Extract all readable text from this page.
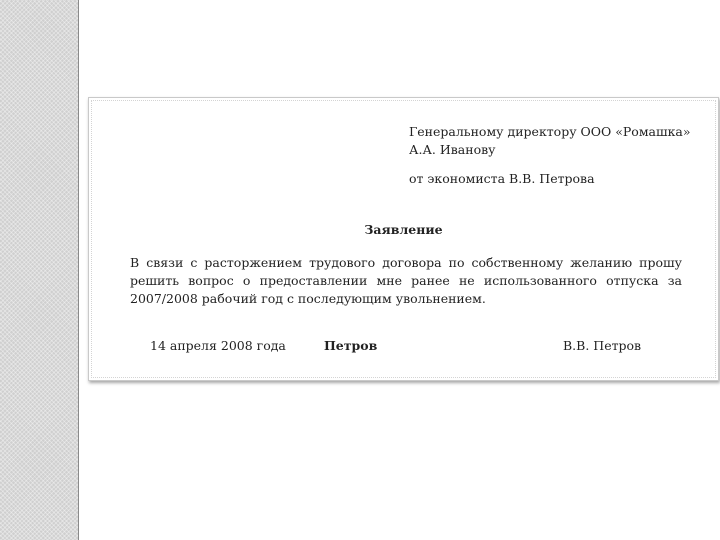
Генеральному директору ООО «Ромашка»
А.А. Иванову
от экономиста В.В. Петрова
Заявление
В связи с расторжением трудового договора по собственному желанию прошу решить вопрос о предоставлении мне ранее не использованного отпуска за 2007/2008 рабочий год с последующим увольнением.
14 апреля 2008 года	Петров	В.В. Петров
